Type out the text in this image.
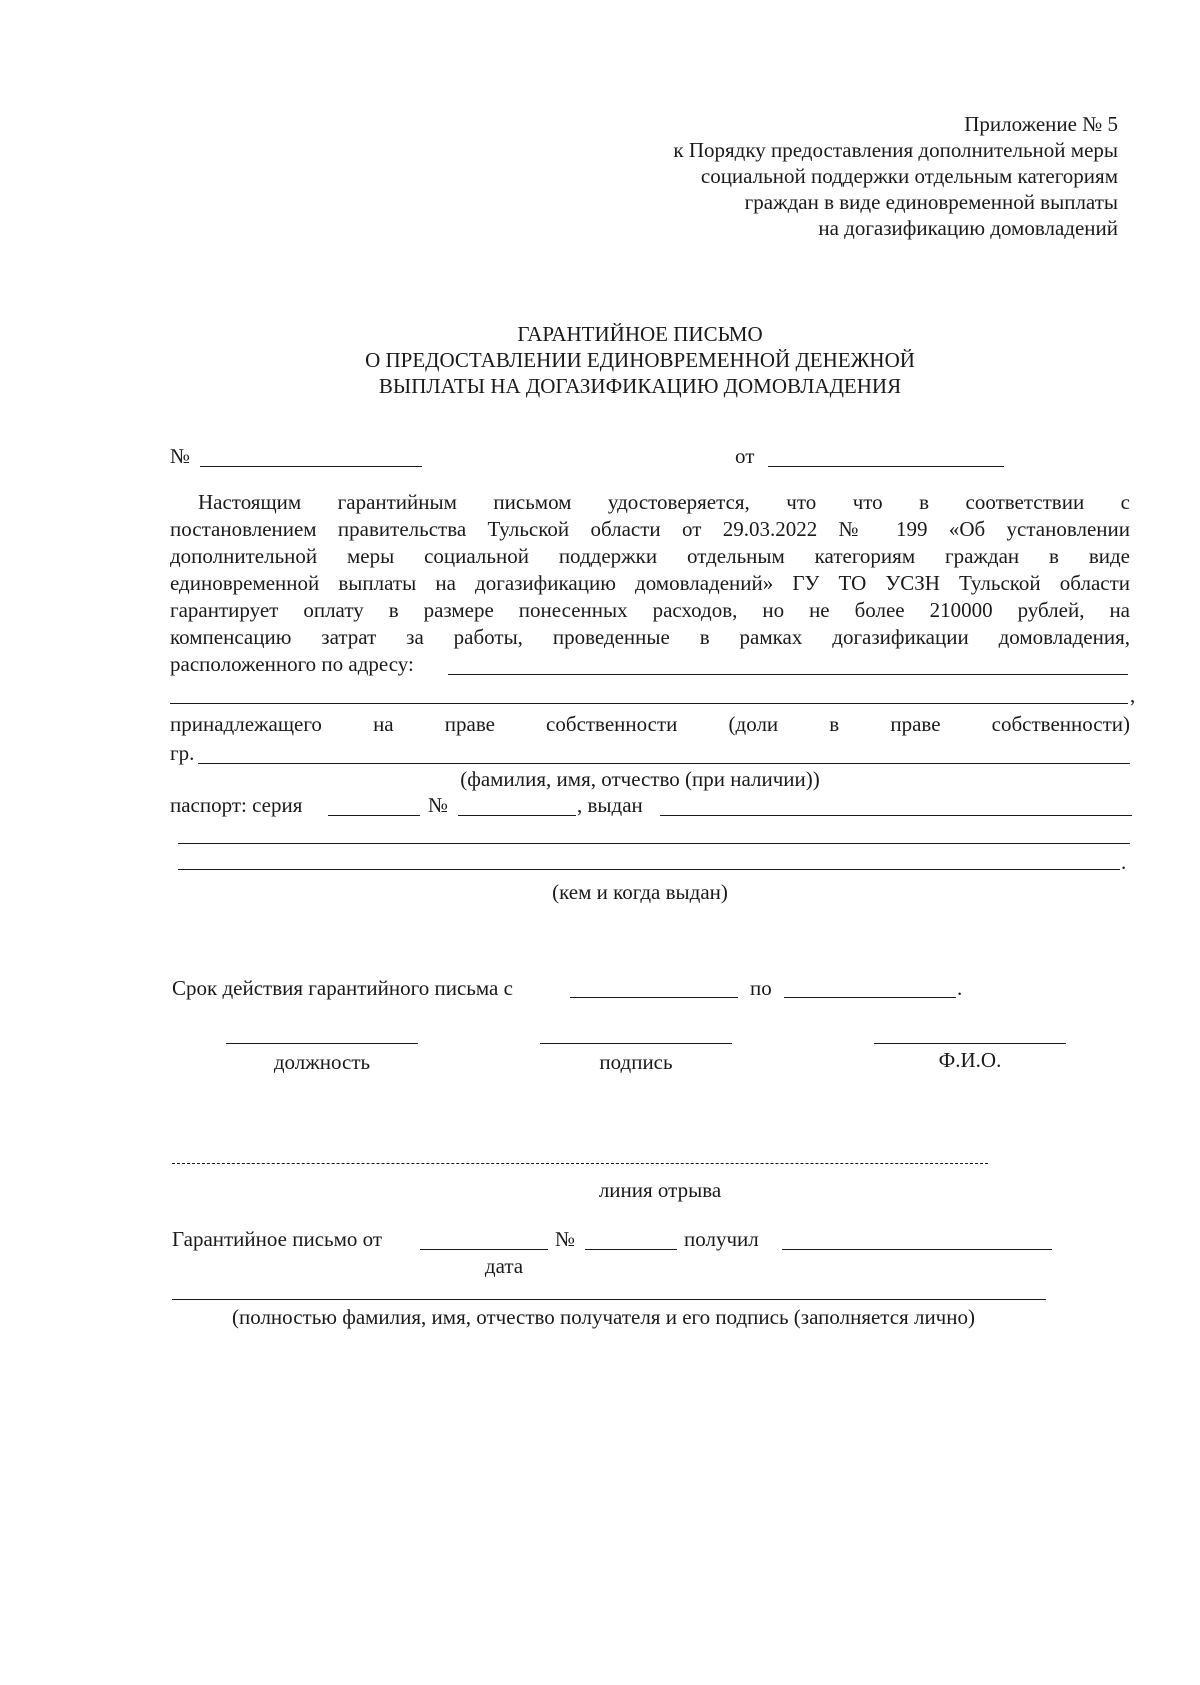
Приложение № 5
к Порядку предоставления дополнительной меры
социальной поддержки отдельным категориям
граждан в виде единовременной выплаты
на догазификацию домовладений
ГАРАНТИЙНОЕ ПИСЬМО
О ПРЕДОСТАВЛЕНИИ ЕДИНОВРЕМЕННОЙ ДЕНЕЖНОЙ
ВЫПЛАТЫ НА ДОГАЗИФИКАЦИЮ ДОМОВЛАДЕНИЯ
№	от
Настоящим гарантийным письмом удостоверяется, что что в соответствии с
постановлением правительства Тульской области от 29.03.2022 № 199 «Об установлении
дополнительной меры социальной поддержки отдельным категориям граждан в виде
единовременной выплаты на догазификацию домовладений» ГУ ТО УСЗН Тульской области
гарантирует оплату в размере понесенных расходов, но не более 210000 рублей, на
компенсацию затрат за работы, проведенные в рамках догазификации домовладения,
расположенного по адресу:
,
принадлежащего на праве собственности (доли в праве собственности)
гр.
(фамилия, имя, отчество (при наличии))
паспорт: серия	№	, выдан
.
(кем и когда выдан)
Срок действия гарантийного письма с	по	.
должность	подпись	Ф.И.О.
линия отрыва
Гарантийное письмо от
дата
№	получил
(полностью фамилия, имя, отчество получателя и его подпись (заполняется лично)
